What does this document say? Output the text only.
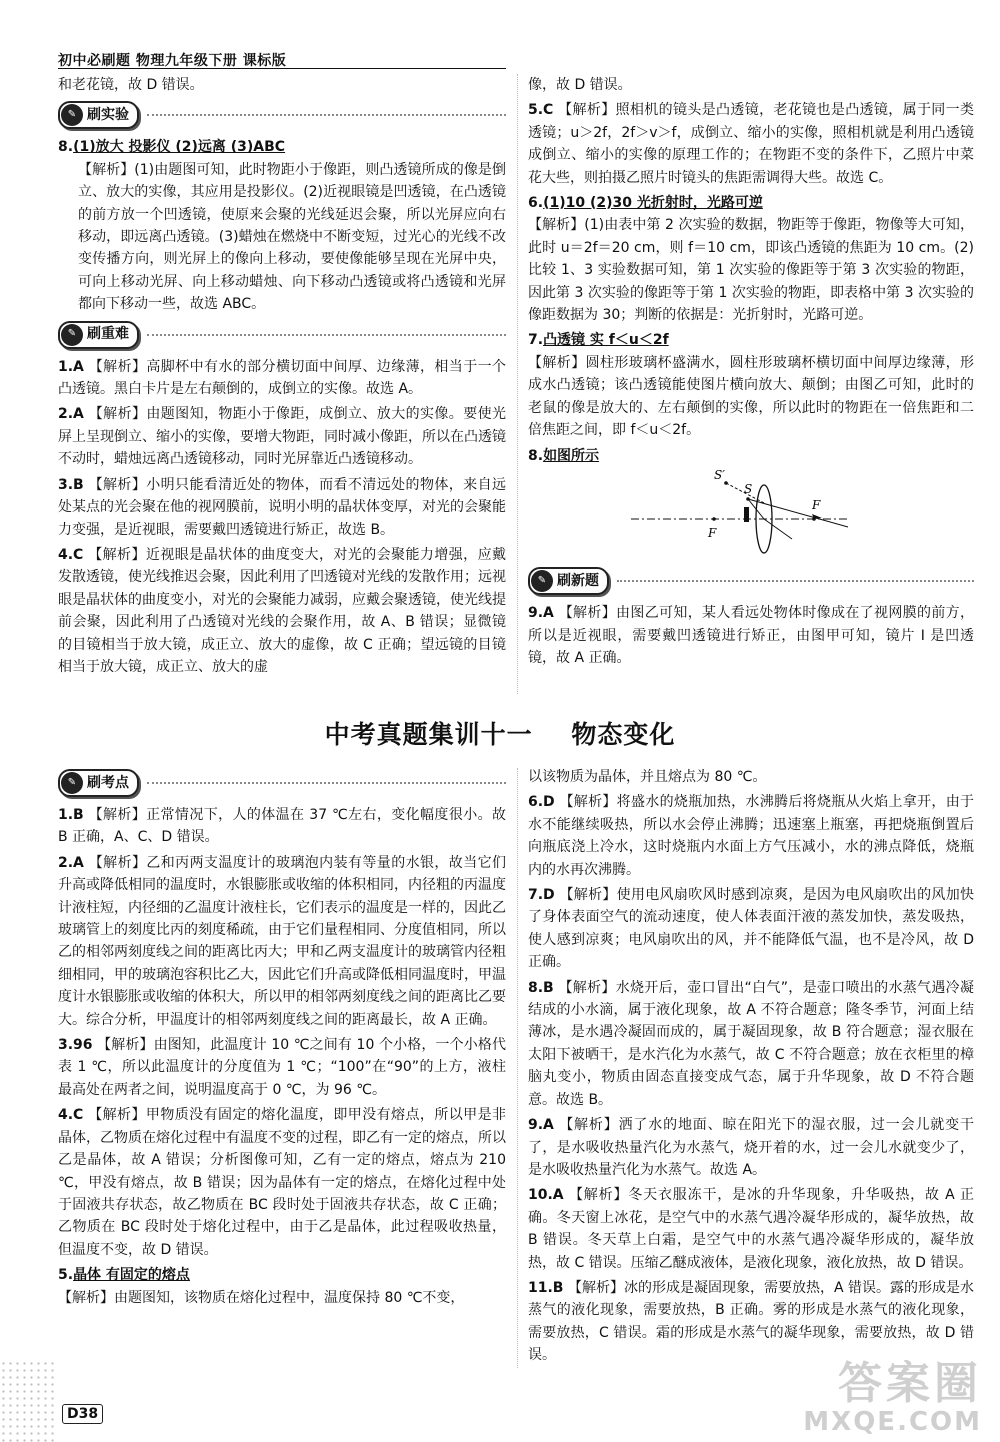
初中必刷题 物理九年级下册 课标版

和老花镜，故 D 错误。

✎ 刷实验

8.(1)放大 投影仪 (2)远离 (3)ABC

【解析】(1)由题图可知，此时物距小于像距，则凸透镜所成的像是倒立、放大的实像，其应用是投影仪。(2)近视眼镜是凹透镜，在凸透镜的前方放一个凹透镜，使原来会聚的光线延迟会聚，所以光屏应向右移动，即远离凸透镜。(3)蜡烛在燃烧中不断变短，过光心的光线不改变传播方向，则光屏上的像向上移动，要使像能够呈现在光屏中央，可向上移动光屏、向上移动蜡烛、向下移动凸透镜或将凸透镜和光屏都向下移动一些，故选 ABC。

✎ 刷重难

1.A 【解析】高脚杯中有水的部分横切面中间厚、边缘薄，相当于一个凸透镜。黑白卡片是左右颠倒的，成倒立的实像。故选 A。

2.A 【解析】由题图知，物距小于像距，成倒立、放大的实像。要使光屏上呈现倒立、缩小的实像，要增大物距，同时减小像距，所以在凸透镜不动时，蜡烛远离凸透镜移动，同时光屏靠近凸透镜移动。

3.B 【解析】小明只能看清近处的物体，而看不清远处的物体，来自远处某点的光会聚在他的视网膜前，说明小明的晶状体变厚，对光的会聚能力变强，是近视眼，需要戴凹透镜进行矫正，故选 B。

4.C 【解析】近视眼是晶状体的曲度变大，对光的会聚能力增强，应戴发散透镜，使光线推迟会聚，因此利用了凹透镜对光线的发散作用；远视眼是晶状体的曲度变小，对光的会聚能力减弱，应戴会聚透镜，使光线提前会聚，因此利用了凸透镜对光线的会聚作用，故 A、B 错误；显微镜的目镜相当于放大镜，成正立、放大的虚像，故 C 正确；望远镜的目镜相当于放大镜，成正立、放大的虚

像，故 D 错误。

5.C 【解析】照相机的镜头是凸透镜，老花镜也是凸透镜，属于同一类透镜；u＞2f，2f＞v＞f，成倒立、缩小的实像，照相机就是利用凸透镜成倒立、缩小的实像的原理工作的；在物距不变的条件下，乙照片中菜花大些，则拍摄乙照片时镜头的焦距需调得大些。故选 C。

6.(1)10 (2)30 光折射时，光路可逆

【解析】(1)由表中第 2 次实验的数据，物距等于像距，物像等大可知，此时 u＝2f＝20 cm，则 f＝10 cm，即该凸透镜的焦距为 10 cm。(2)比较 1、3 实验数据可知，第 1 次实验的像距等于第 3 次实验的物距，因此第 3 次实验的像距等于第 1 次实验的物距，即表格中第 3 次实验的像距数据为 30；判断的依据是：光折射时，光路可逆。

7.凸透镜 实 f＜u＜2f

【解析】圆柱形玻璃杯盛满水，圆柱形玻璃杯横切面中间厚边缘薄，形成水凸透镜；该凸透镜能使图片横向放大、颠倒；由图乙可知，此时的老鼠的像是放大的、左右颠倒的实像，所以此时的物距在一倍焦距和二倍焦距之间，即 f＜u＜2f。

8.如图所示

S′
S
F
F
✎ 刷新题

9.A 【解析】由图乙可知，某人看远处物体时像成在了视网膜的前方，所以是近视眼，需要戴凹透镜进行矫正，由图甲可知，镜片 I 是凹透镜，故 A 正确。

中考真题集训十一    物态变化
✎ 刷考点

1.B 【解析】正常情况下，人的体温在 37 ℃左右，变化幅度很小。故 B 正确，A、C、D 错误。

2.A 【解析】乙和丙两支温度计的玻璃泡内装有等量的水银，故当它们升高或降低相同的温度时，水银膨胀或收缩的体积相同，内径粗的丙温度计液柱短，内径细的乙温度计液柱长，它们表示的温度是一样的，因此乙玻璃管上的刻度比丙的刻度稀疏，由于它们量程相同、分度值相同，所以乙的相邻两刻度线之间的距离比丙大；甲和乙两支温度计的玻璃管内径粗细相同，甲的玻璃泡容积比乙大，因此它们升高或降低相同温度时，甲温度计水银膨胀或收缩的体积大，所以甲的相邻两刻度线之间的距离比乙要大。综合分析，甲温度计的相邻两刻度线之间的距离最长，故 A 正确。

3.96 【解析】由图知，此温度计 10 ℃之间有 10 个小格，一个小格代表 1 ℃，所以此温度计的分度值为 1 ℃；“100”在“90”的上方，液柱最高处在两者之间，说明温度高于 0 ℃，为 96 ℃。

4.C 【解析】甲物质没有固定的熔化温度，即甲没有熔点，所以甲是非晶体，乙物质在熔化过程中有温度不变的过程，即乙有一定的熔点，所以乙是晶体，故 A 错误；分析图像可知，乙有一定的熔点，熔点为 210 ℃，甲没有熔点，故 B 错误；因为晶体有一定的熔点，在熔化过程中处于固液共存状态，故乙物质在 BC 段时处于固液共存状态，故 C 正确；乙物质在 BC 段时处于熔化过程中，由于乙是晶体，此过程吸收热量，但温度不变，故 D 错误。

5.晶体 有固定的熔点

【解析】由题图知，该物质在熔化过程中，温度保持 80 ℃不变，

以该物质为晶体，并且熔点为 80 ℃。

6.D 【解析】将盛水的烧瓶加热，水沸腾后将烧瓶从火焰上拿开，由于水不能继续吸热，所以水会停止沸腾；迅速塞上瓶塞，再把烧瓶倒置后向瓶底浇上冷水，这时烧瓶内水面上方气压减小，水的沸点降低，烧瓶内的水再次沸腾。

7.D 【解析】使用电风扇吹风时感到凉爽，是因为电风扇吹出的风加快了身体表面空气的流动速度，使人体表面汗液的蒸发加快，蒸发吸热，使人感到凉爽；电风扇吹出的风，并不能降低气温，也不是冷风，故 D 正确。

8.B 【解析】水烧开后，壶口冒出“白气”，是壶口喷出的水蒸气遇冷凝结成的小水滴，属于液化现象，故 A 不符合题意；隆冬季节，河面上结薄冰，是水遇冷凝固而成的，属于凝固现象，故 B 符合题意；湿衣服在太阳下被晒干，是水汽化为水蒸气，故 C 不符合题意；放在衣柜里的樟脑丸变小，物质由固态直接变成气态，属于升华现象，故 D 不符合题意。故选 B。

9.A 【解析】洒了水的地面、晾在阳光下的湿衣服，过一会儿就变干了，是水吸收热量汽化为水蒸气，烧开着的水，过一会儿水就变少了，是水吸收热量汽化为水蒸气。故选 A。

10.A 【解析】冬天衣服冻干，是冰的升华现象，升华吸热，故 A 正确。冬天窗上冰花，是空气中的水蒸气遇冷凝华形成的，凝华放热，故 B 错误。冬天草上白霜，是空气中的水蒸气遇冷凝华形成的，凝华放热，故 C 错误。压缩乙醚成液体，是液化现象，液化放热，故 D 错误。

11.B 【解析】冰的形成是凝固现象，需要放热，A 错误。露的形成是水蒸气的液化现象，需要放热，B 正确。雾的形成是水蒸气的液化现象，需要放热，C 错误。霜的形成是水蒸气的凝华现象，需要放热，故 D 错误。

D38
答案圈
MXQE.COM
